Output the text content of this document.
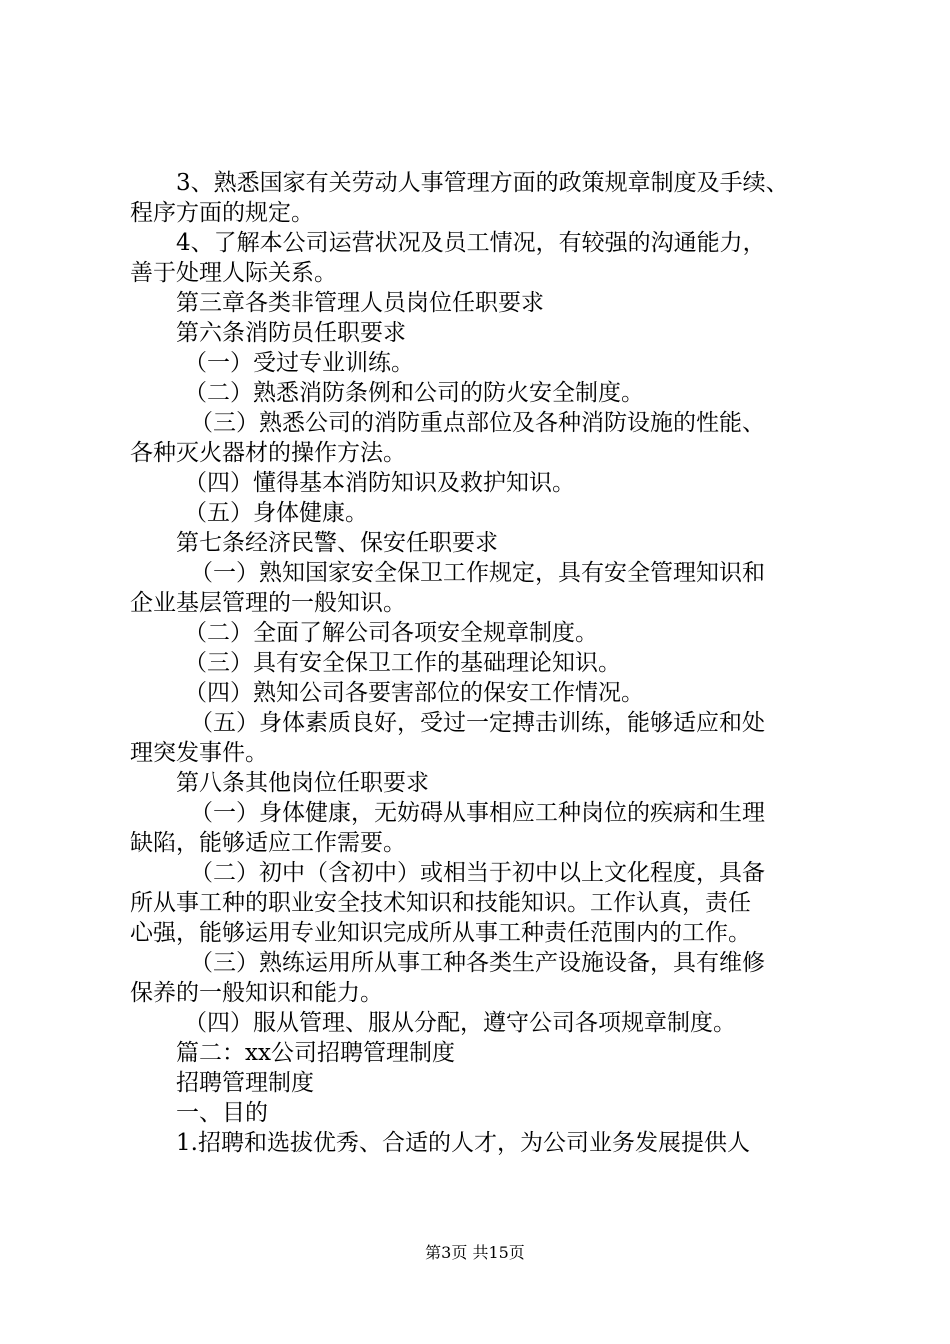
3、熟悉国家有关劳动人事管理方面的政策规章制度及手续、
程序方面的规定。
4、了解本公司运营状况及员工情况，有较强的沟通能力，
善于处理人际关系。
第三章各类非管理人员岗位任职要求
第六条消防员任职要求
（一）受过专业训练。
（二）熟悉消防条例和公司的防火安全制度。
（三）熟悉公司的消防重点部位及各种消防设施的性能、
各种灭火器材的操作方法。
（四）懂得基本消防知识及救护知识。
（五）身体健康。
第七条经济民警、保安任职要求
（一）熟知国家安全保卫工作规定，具有安全管理知识和
企业基层管理的一般知识。
（二）全面了解公司各项安全规章制度。
（三）具有安全保卫工作的基础理论知识。
（四）熟知公司各要害部位的保安工作情况。
（五）身体素质良好，受过一定搏击训练，能够适应和处
理突发事件。
第八条其他岗位任职要求
（一）身体健康，无妨碍从事相应工种岗位的疾病和生理
缺陷，能够适应工作需要。
（二）初中（含初中）或相当于初中以上文化程度，具备
所从事工种的职业安全技术知识和技能知识。工作认真，责任
心强，能够运用专业知识完成所从事工种责任范围内的工作。
（三）熟练运用所从事工种各类生产设施设备，具有维修
保养的一般知识和能力。
（四）服从管理、服从分配，遵守公司各项规章制度。
篇二：xx公司招聘管理制度
招聘管理制度
一、目的
1.招聘和选拔优秀、合适的人才，为公司业务发展提供人
第3页 共15页
